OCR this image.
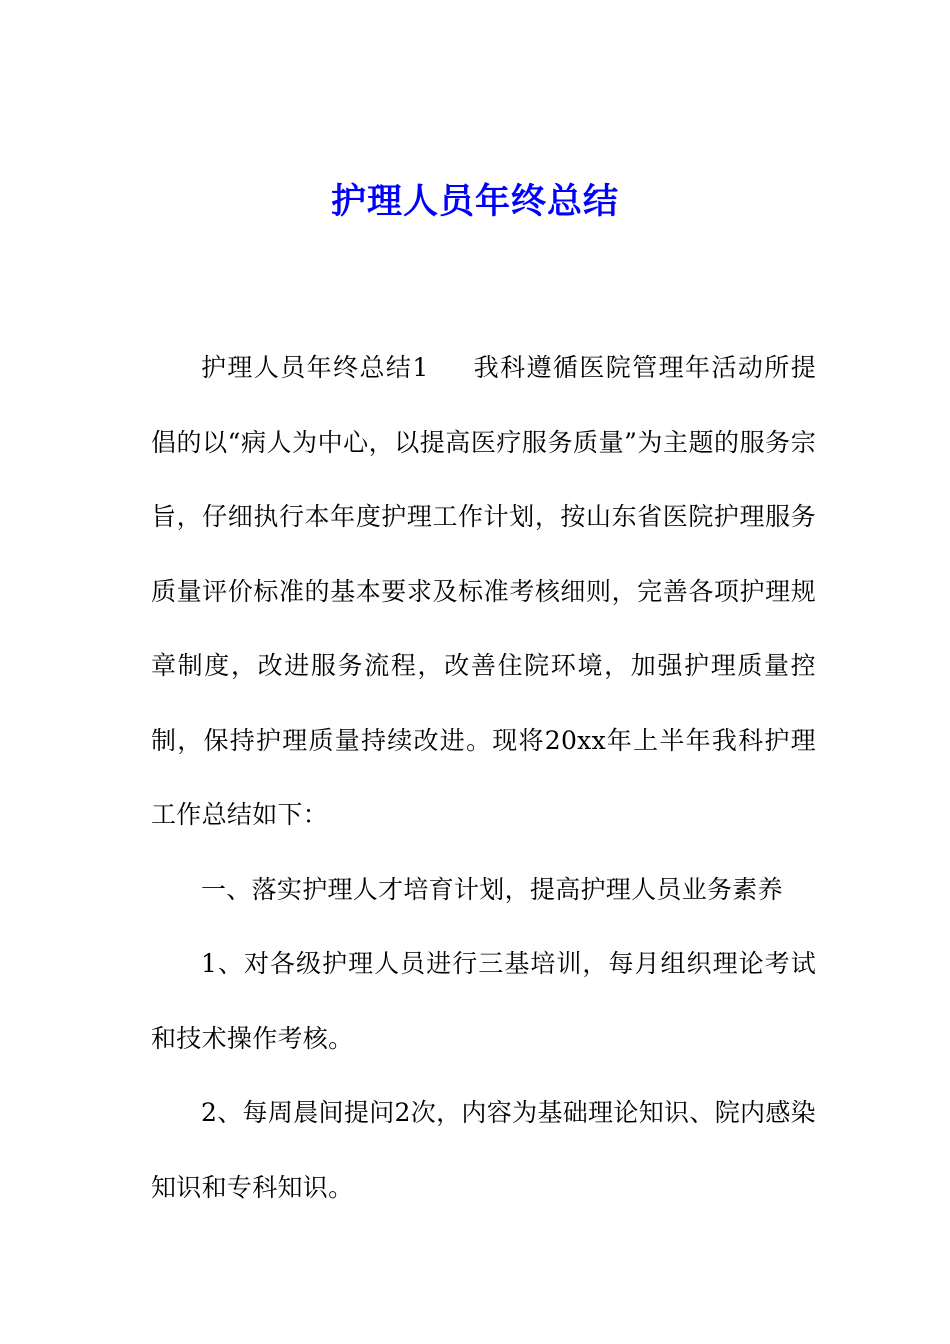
护理人员年终总结

护理人员年终总结1 我科遵循医院管理年活动所提倡的以“病人为中心，以提高医疗服务质量”为主题的服务宗旨，仔细执行本年度护理工作计划，按山东省医院护理服务质量评价标准的基本要求及标准考核细则，完善各项护理规章制度，改进服务流程，改善住院环境，加强护理质量控制，保持护理质量持续改进。现将20xx年上半年我科护理工作总结如下：

一、落实护理人才培育计划，提高护理人员业务素养

1、对各级护理人员进行三基培训，每月组织理论考试和技术操作考核。

2、每周晨间提问2次，内容为基础理论知识、院内感染知识和专科知识。
